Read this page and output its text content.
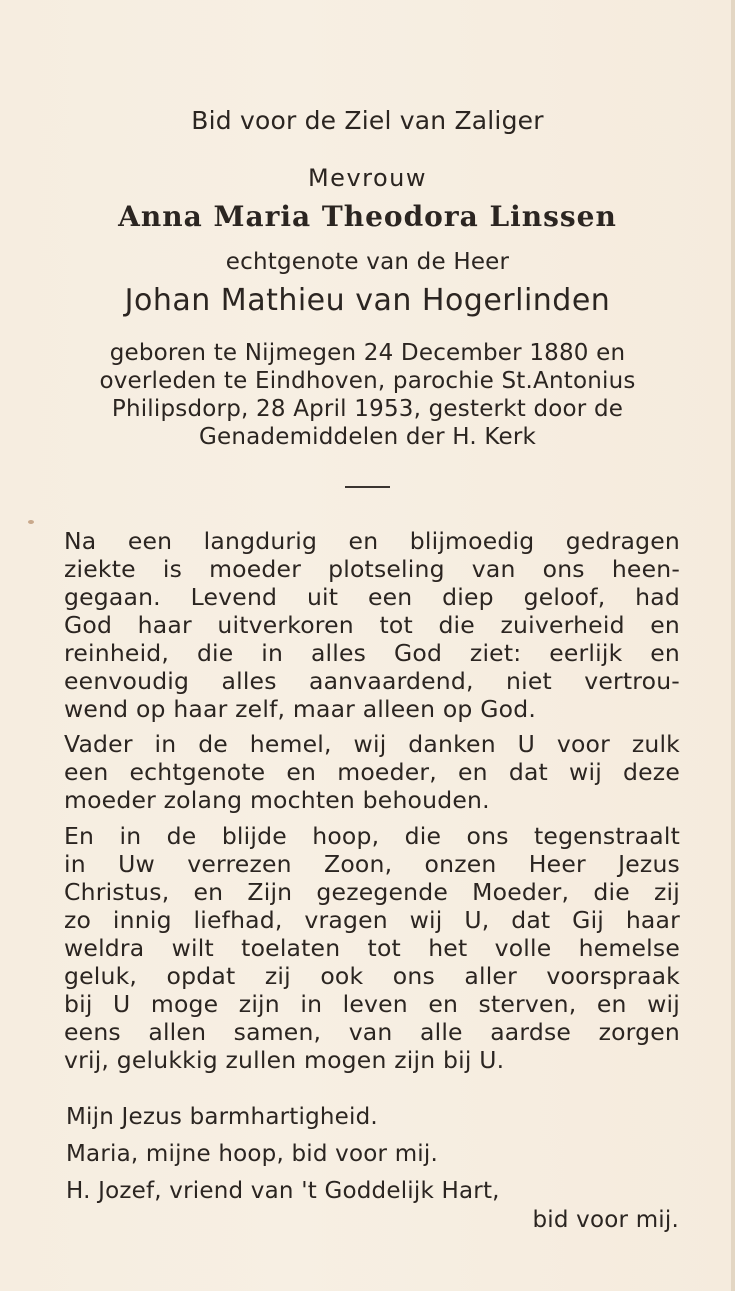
Bid voor de Ziel van Zaliger
Mevrouw
Anna Maria Theodora Linssen
echtgenote van de Heer
Johan Mathieu van Hogerlinden
geboren te Nijmegen 24 December 1880 en
overleden te Eindhoven, parochie St.Antonius
Philipsdorp, 28 April 1953, gesterkt door de
Genademiddelen der H. Kerk
Na een langdurig en blijmoedig gedragen
ziekte is moeder plotseling van ons heen-
gegaan. Levend uit een diep geloof, had
God haar uitverkoren tot die zuiverheid en
reinheid, die in alles God ziet: eerlijk en
eenvoudig alles aanvaardend, niet vertrou-
wend op haar zelf, maar alleen op God.
Vader in de hemel, wij danken U voor zulk
een echtgenote en moeder, en dat wij deze
moeder zolang mochten behouden.
En in de blijde hoop, die ons tegenstraalt
in Uw verrezen Zoon, onzen Heer Jezus
Christus, en Zijn gezegende Moeder, die zij
zo innig liefhad, vragen wij U, dat Gij haar
weldra wilt toelaten tot het volle hemelse
geluk, opdat zij ook ons aller voorspraak
bij U moge zijn in leven en sterven, en wij
eens allen samen, van alle aardse zorgen
vrij, gelukkig zullen mogen zijn bij U.
Mijn Jezus barmhartigheid.
Maria, mijne hoop, bid voor mij.
H. Jozef, vriend van 't Goddelijk Hart,
bid voor mij.
